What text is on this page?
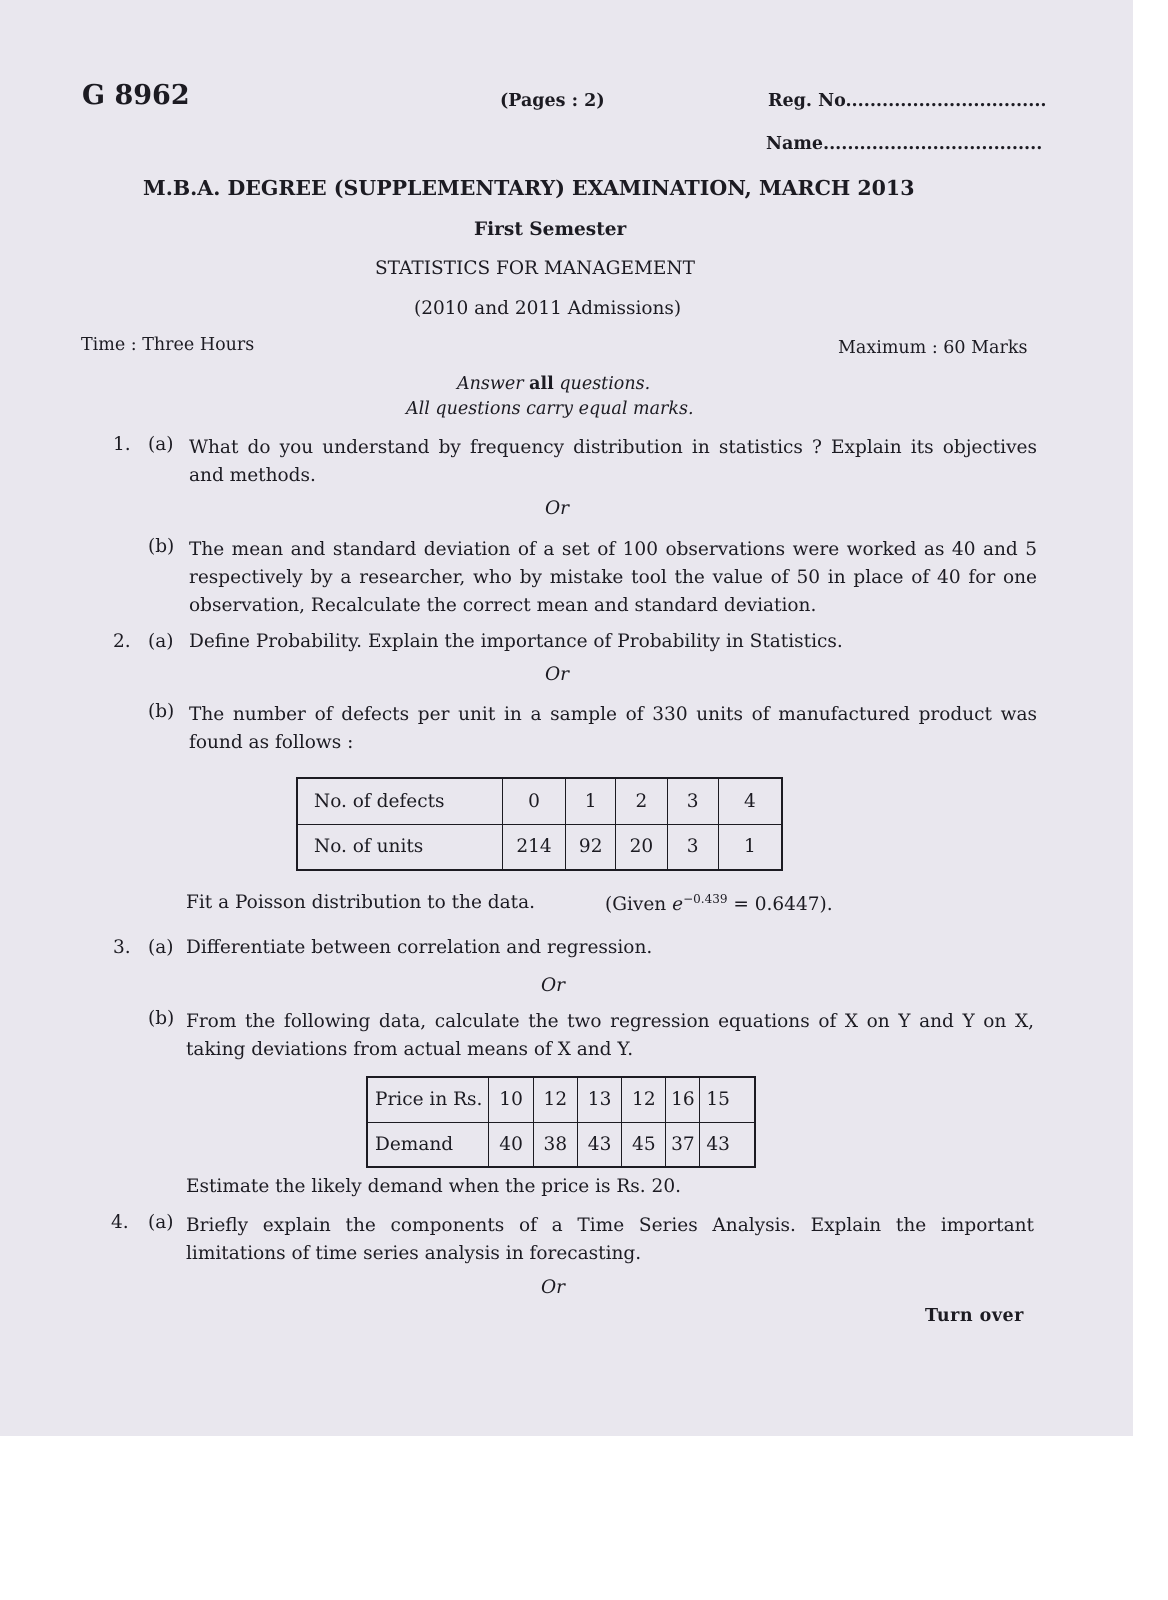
G 8962	(Pages : 2)	Reg. No.................................
Name....................................
M.B.A. DEGREE (SUPPLEMENTARY) EXAMINATION, MARCH 2013
First Semester
STATISTICS FOR MANAGEMENT
(2010 and 2011 Admissions)
Time : Three Hours	Maximum : 60 Marks
Answer all questions.
All questions carry equal marks.
1. (a) What do you understand by frequency distribution in statistics ? Explain its objectives and methods.
Or
(b) The mean and standard deviation of a set of 100 observations were worked as 40 and 5 respectively by a researcher, who by mistake tool the value of 50 in place of 40 for one observation, Recalculate the correct mean and standard deviation.
2. (a) Define Probability. Explain the importance of Probability in Statistics.
Or
(b) The number of defects per unit in a sample of 330 units of manufactured product was found as follows :
No. of defects	0	1	2	3	4
No. of units	214	92	20	3	1
Fit a Poisson distribution to the data.	(Given $e^{-0.439} = 0.6447$).
3. (a) Differentiate between correlation and regression.
Or
(b) From the following data, calculate the two regression equations of X on Y and Y on X, taking deviations from actual means of X and Y.
Price in Rs.	10	12	13	12	16	15
Demand	40	38	43	45	37	43
Estimate the likely demand when the price is Rs. 20.
4. (a) Briefly explain the components of a Time Series Analysis. Explain the important limitations of time series analysis in forecasting.
Or
Turn over
